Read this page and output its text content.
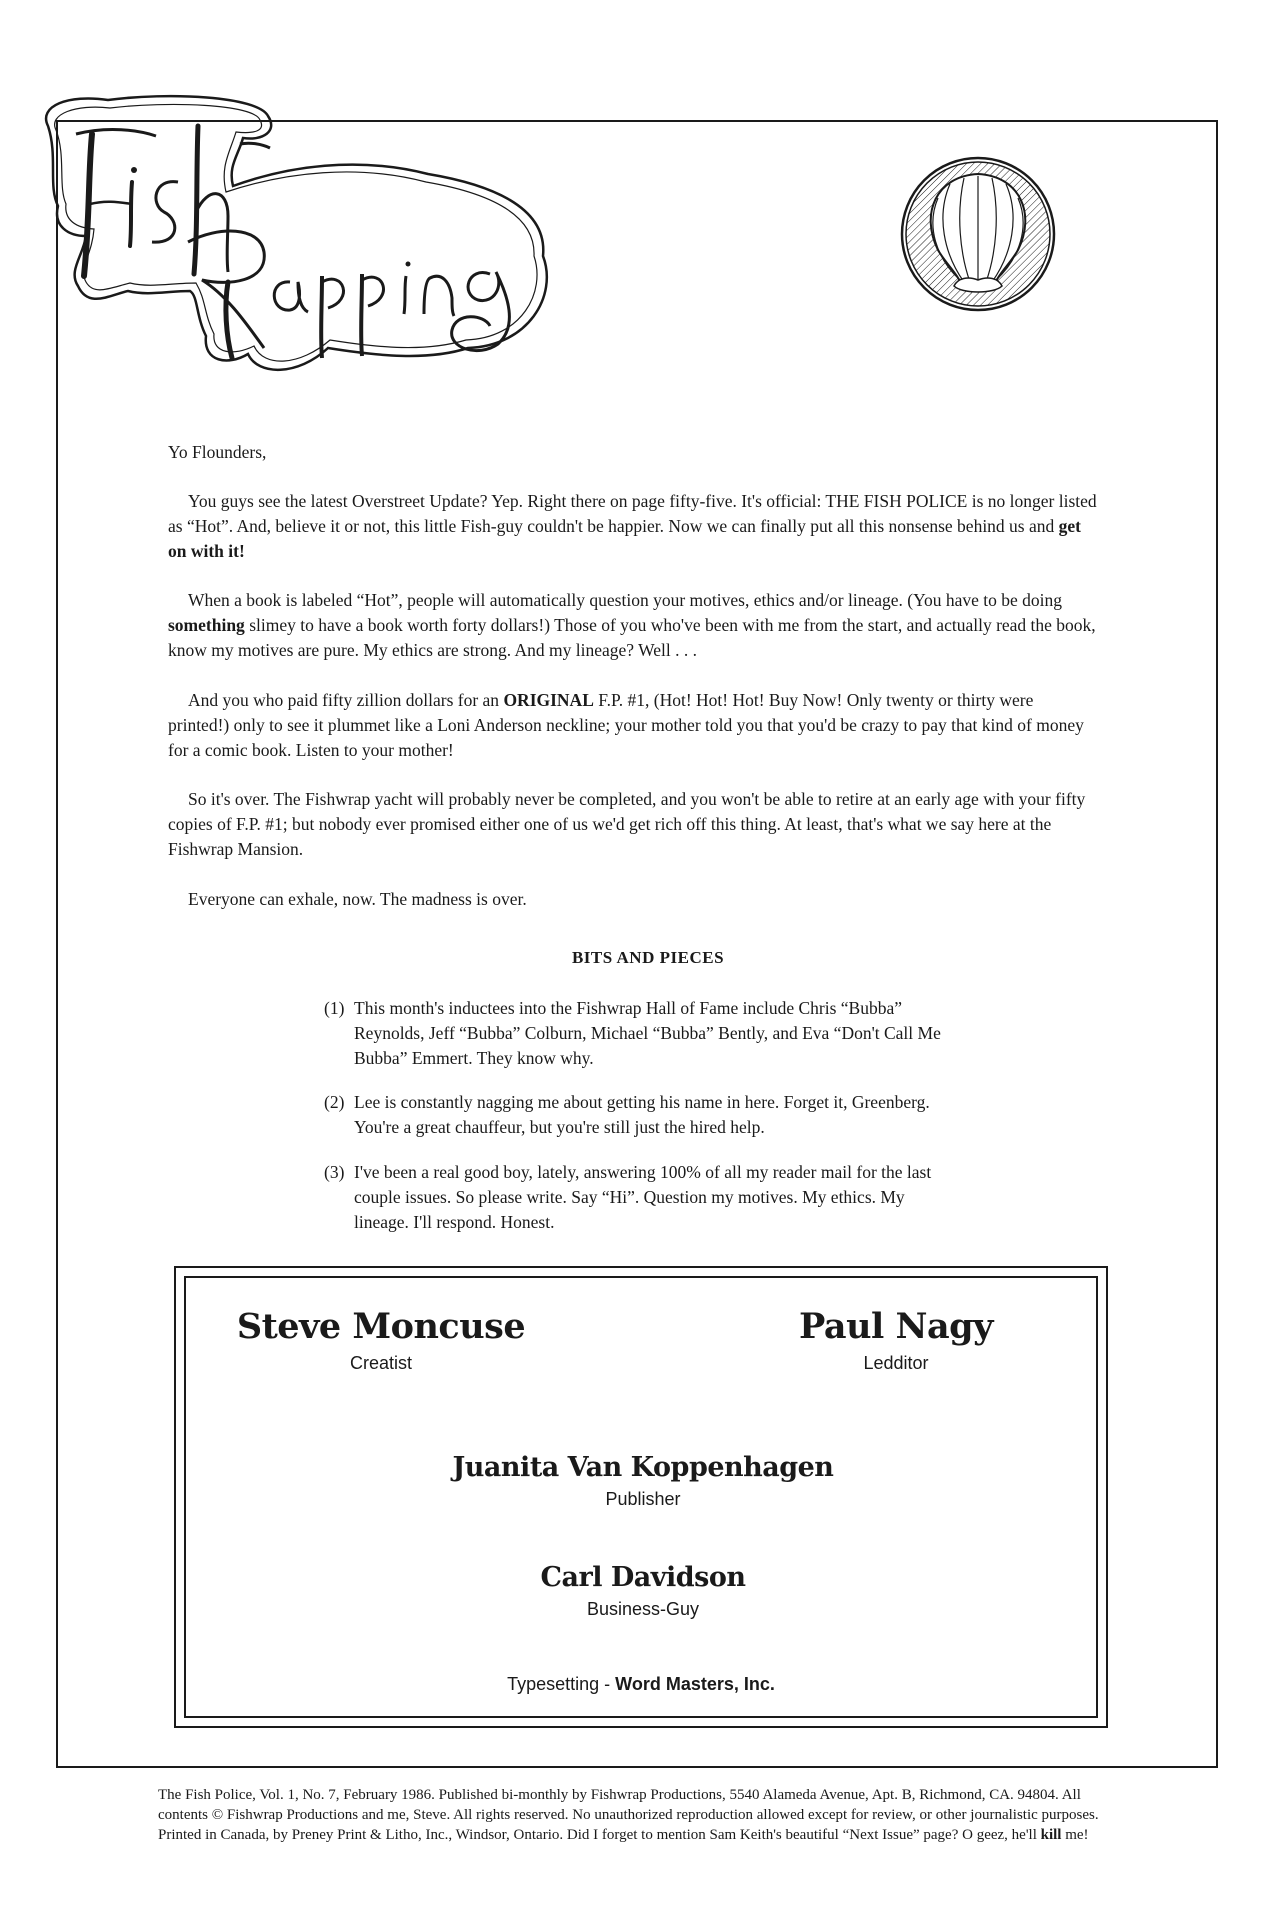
Yo Flounders,

You guys see the latest Overstreet Update? Yep. Right there on page fifty-five. It's official: THE FISH POLICE is no longer listed as “Hot”. And, believe it or not, this little Fish-guy couldn't be happier. Now we can finally put all this nonsense behind us and get on with it!

When a book is labeled “Hot”, people will automatically question your motives, ethics and/or lineage. (You have to be doing something slimey to have a book worth forty dollars!) Those of you who've been with me from the start, and actually read the book, know my motives are pure. My ethics are strong. And my lineage? Well . . .

And you who paid fifty zillion dollars for an ORIGINAL F.P. #1, (Hot! Hot! Hot! Buy Now! Only twenty or thirty were printed!) only to see it plummet like a Loni Anderson neckline; your mother told you that you'd be crazy to pay that kind of money for a comic book. Listen to your mother!

So it's over. The Fishwrap yacht will probably never be completed, and you won't be able to retire at an early age with your fifty copies of F.P. #1; but nobody ever promised either one of us we'd get rich off this thing. At least, that's what we say here at the Fishwrap Mansion.

Everyone can exhale, now. The madness is over.

BITS AND PIECES

(1) This month's inductees into the Fishwrap Hall of Fame include Chris “Bubba” Reynolds, Jeff “Bubba” Colburn, Michael “Bubba” Bently, and Eva “Don't Call Me Bubba” Emmert. They know why.
(2) Lee is constantly nagging me about getting his name in here. Forget it, Greenberg. You're a great chauffeur, but you're still just the hired help.
(3) I've been a real good boy, lately, answering 100% of all my reader mail for the last couple issues. So please write. Say “Hi”. Question my motives. My ethics. My lineage. I'll respond. Honest.
Steve Moncuse
Creatist
Paul Nagy
Ledditor
Juanita Van Koppenhagen
Publisher
Carl Davidson
Business-Guy
Typesetting - Word Masters, Inc.
The Fish Police, Vol. 1, No. 7, February 1986. Published bi-monthly by Fishwrap Productions, 5540 Alameda Avenue, Apt. B, Richmond, CA. 94804. All contents © Fishwrap Productions and me, Steve. All rights reserved. No unauthorized reproduction allowed except for review, or other journalistic purposes. Printed in Canada, by Preney Print & Litho, Inc., Windsor, Ontario. Did I forget to mention Sam Keith's beautiful “Next Issue” page? O geez, he'll kill me!
